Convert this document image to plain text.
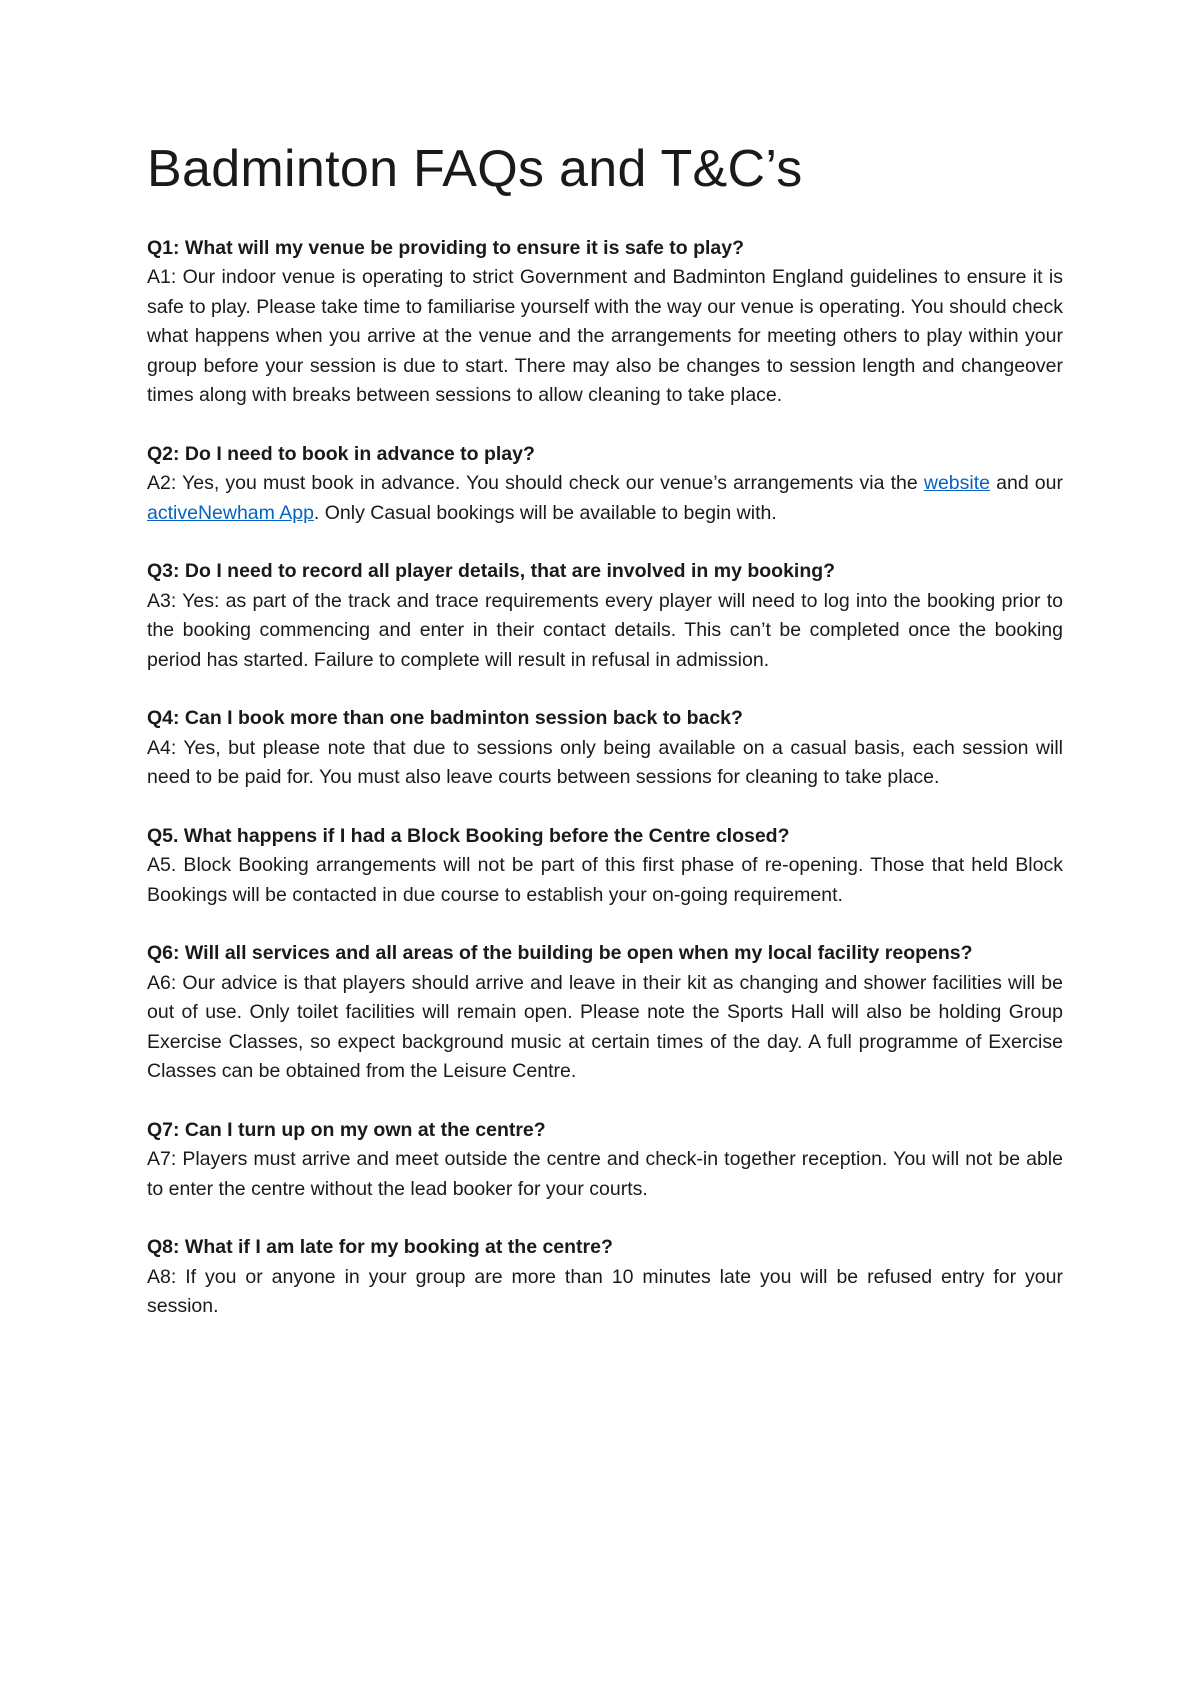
Badminton FAQs and T&C’s

Q1: What will my venue be providing to ensure it is safe to play?

A1: Our indoor venue is operating to strict Government and Badminton England guidelines to ensure it is safe to play. Please take time to familiarise yourself with the way our venue is operating. You should check what happens when you arrive at the venue and the arrangements for meeting others to play within your group before your session is due to start. There may also be changes to session length and changeover times along with breaks between sessions to allow cleaning to take place.

Q2: Do I need to book in advance to play?

A2: Yes, you must book in advance. You should check our venue’s arrangements via the website and our activeNewham App. Only Casual bookings will be available to begin with.

Q3: Do I need to record all player details, that are involved in my booking?

A3: Yes: as part of the track and trace requirements every player will need to log into the booking prior to the booking commencing and enter in their contact details. This can’t be completed once the booking period has started. Failure to complete will result in refusal in admission.

Q4: Can I book more than one badminton session back to back?

A4: Yes, but please note that due to sessions only being available on a casual basis, each session will need to be paid for. You must also leave courts between sessions for cleaning to take place.

Q5. What happens if I had a Block Booking before the Centre closed?

A5. Block Booking arrangements will not be part of this first phase of re-opening. Those that held Block Bookings will be contacted in due course to establish your on-going requirement.

Q6: Will all services and all areas of the building be open when my local facility reopens?

A6: Our advice is that players should arrive and leave in their kit as changing and shower facilities will be out of use. Only toilet facilities will remain open. Please note the Sports Hall will also be holding Group Exercise Classes, so expect background music at certain times of the day. A full programme of Exercise Classes can be obtained from the Leisure Centre.

Q7: Can I turn up on my own at the centre?

A7: Players must arrive and meet outside the centre and check-in together reception. You will not be able to enter the centre without the lead booker for your courts.

Q8: What if I am late for my booking at the centre?

A8: If you or anyone in your group are more than 10 minutes late you will be refused entry for your session.
